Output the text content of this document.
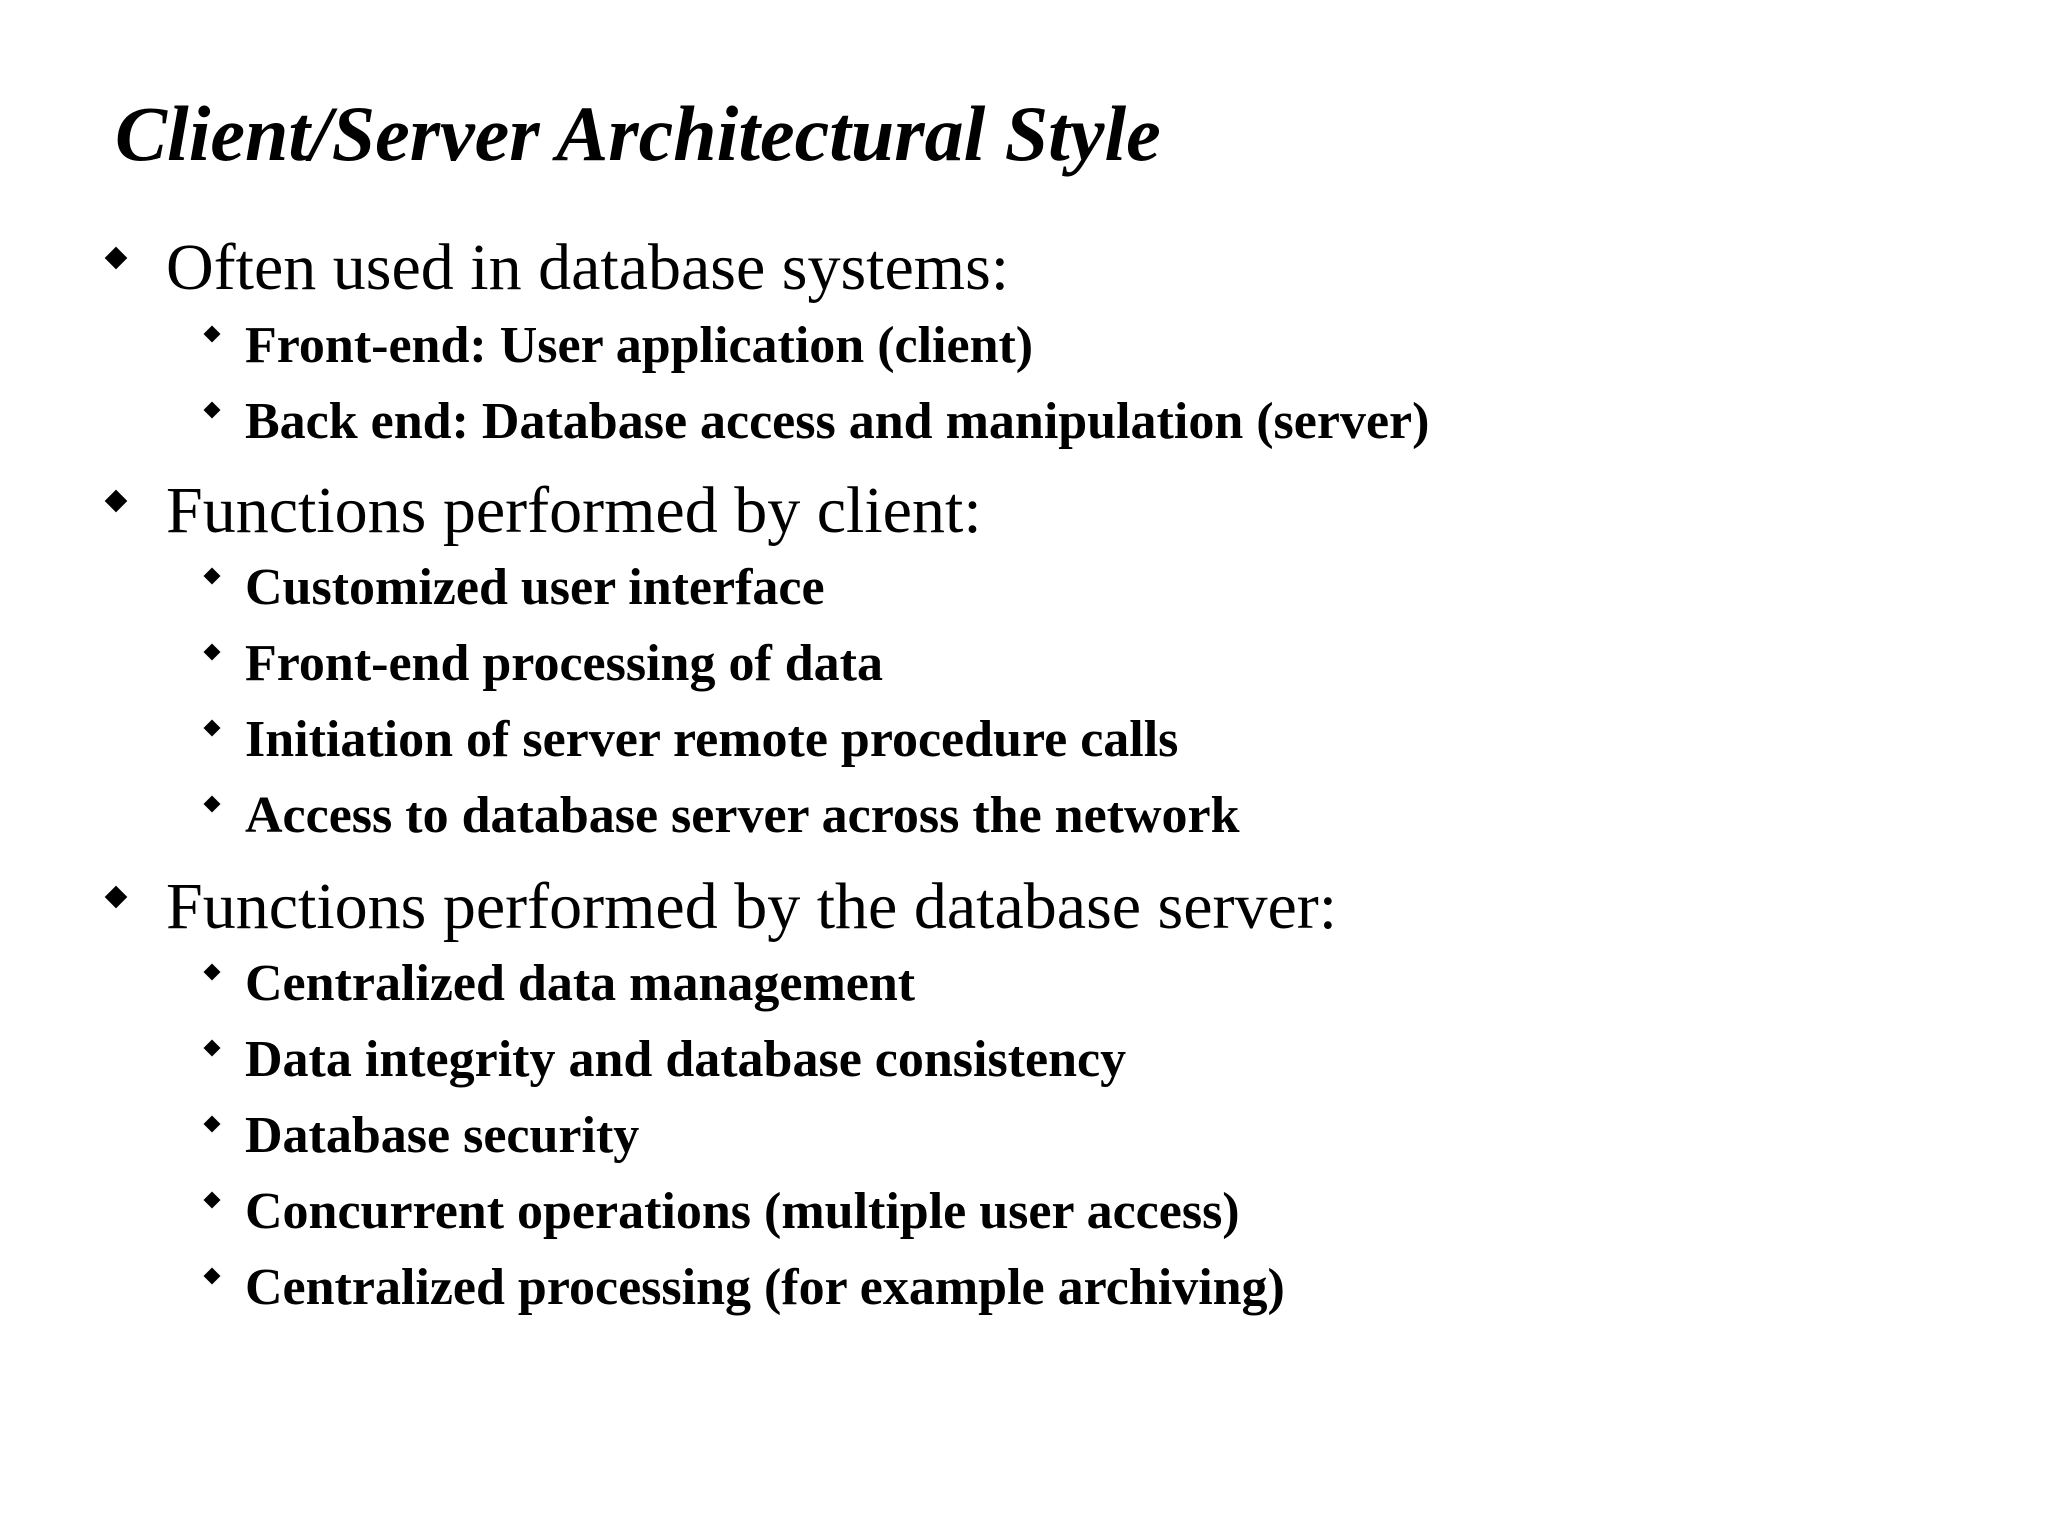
Client/Server Architectural Style
Often used in database systems:
Front-end: User application (client)
Back end: Database access and manipulation (server)
Functions performed by client:
Customized user interface
Front-end processing of data
Initiation of server remote procedure calls
Access to database server across the network
Functions performed by the database server:
Centralized data management
Data integrity and database consistency
Database security
Concurrent operations (multiple user access)
Centralized processing (for example archiving)
